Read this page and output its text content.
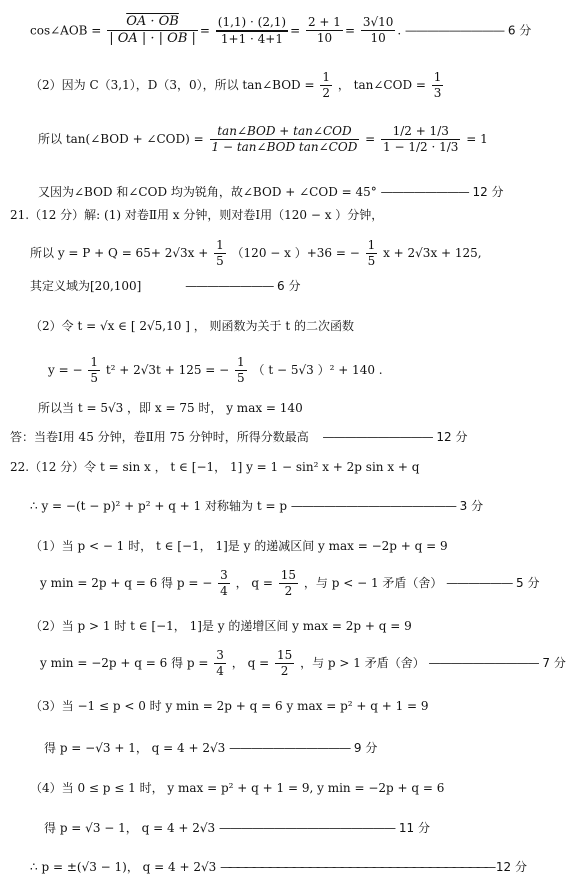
cos∠AOB = $\frac{OA \cdot OB}{| OA | \cdot | OB |} = \frac{(1,1) \cdot (2,1)}{1+1 \cdot 4+1} = \frac{2 + 1}{10} = \frac{3√10}{10}$ . ————————— 6 分
（2）因为 C（3,1），D（3，0），所以 tan∠BOD = $\frac{1}{2}$ ， tan∠COD = $\frac{1}{3}$
所以 tan(∠BOD + ∠COD) = $\frac{\text{tan∠BOD + tan∠COD}}{\text{1 − tan∠BOD tan∠COD}} = \frac{1/2 + 1/3}{1 - 1/2 \cdot 1/3} = 1$
又因为∠BOD 和∠COD 均为锐角，故∠BOD + ∠COD = 45° ———————— 12 分
21.（12 分）解: (1) 对卷Ⅱ用 x 分钟，则对卷Ⅰ用（120 − x ）分钟，
所以 $y = P + Q = 65+ 2√3x + \frac{1}{5} (120 - x$ ）+36 = − $\frac{1}{5}$ x + 2√3x + 125,
其定义域为[20,100]	———————— 6 分
（2）令 t = √x ∈ [ 2√5,10 ] ， 则函数为关于 t 的二次函数
y = − $\frac{1}{5} t^2 + 2√3t + 125$ = − $\frac{1}{5}$ （ t − 5√3 ）² + 140 .
所以当 t = 5√3 ，即 x = 75 时， y max = 140
答：当卷Ⅰ用 45 分钟，卷Ⅱ用 75 分钟时，所得分数最高 —————————— 12 分
22.（12 分）令 t = sin x ， t ∈ [−1， 1] y = 1 − sin² x + 2p sin x + q
∴ y = −(t − p)² + p² + q + 1 对称轴为 t = p ——————————————— 3 分
（1）当 p < − 1 时， t ∈ [−1， 1]是 y 的递减区间 y max = −2p + q = 9
y min = 2p + q = 6 得 p = − $\frac{3}{4}$ ， $q = \frac{15}{2}$ ，与 p < − 1 矛盾（舍） —————— 5 分
（2）当 p > 1 时 t ∈ [−1， 1]是 y 的递增区间 y max = 2p + q = 9
y min = −2p + q = 6 得 $p = \frac{3}{4}$ ， $q = \frac{15}{2}$ ，与 p > 1 矛盾（舍） —————————— 7 分
（3）当 −1 ≤ p < 0 时 y min = 2p + q = 6 y max = p² + q + 1 = 9
得 p = −√3 + 1， q = 4 + 2√3 ——————————— 9 分
（4）当 0 ≤ p ≤ 1 时， y max = p² + q + 1 = 9, y min = −2p + q = 6
得 p = √3 − 1， q = 4 + 2√3 ———————————————— 11 分
∴ p = ±(√3 − 1)， q = 4 + 2√3 —————————————————————————————————— 12 分
